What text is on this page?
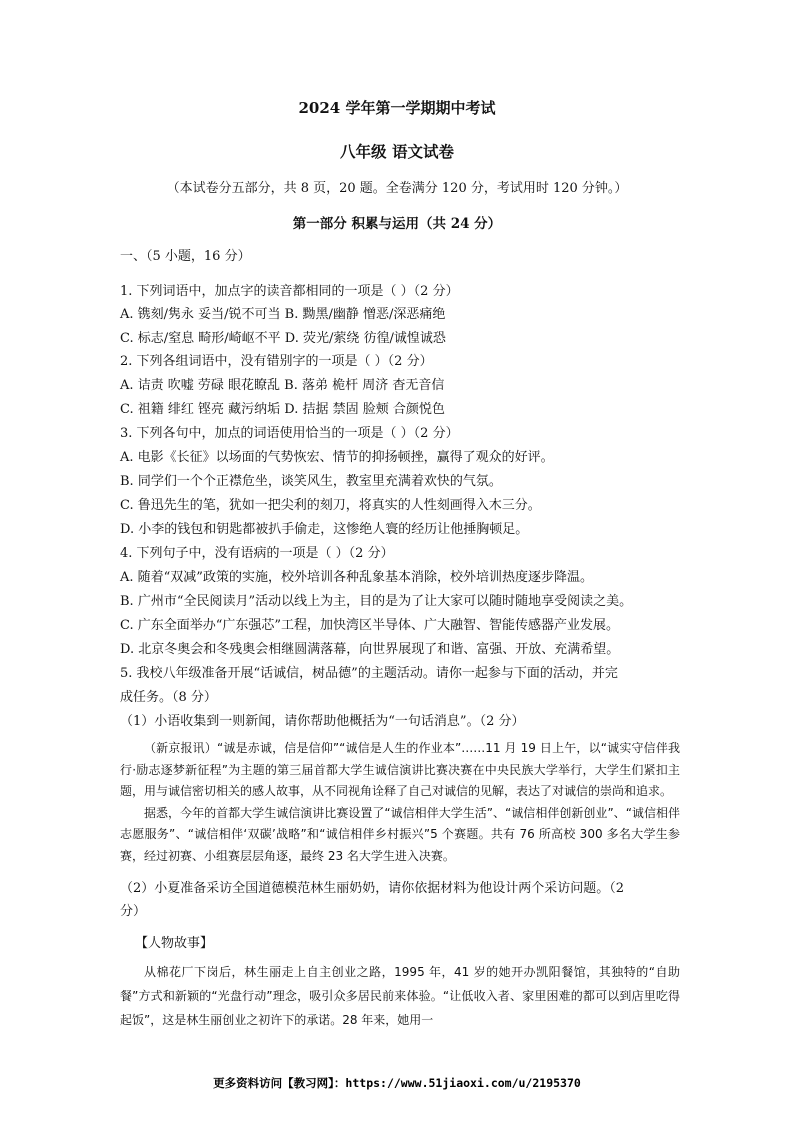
2024 学年第一学期期中考试
八年级 语文试卷
（本试卷分五部分，共 8 页，20 题。全卷满分 120 分，考试用时 120 分钟。）
第一部分 积累与运用（共 24 分）
一、（5 小题，16 分）
1. 下列词语中，加点字的读音都相同的一项是（ ）（2 分）
A. 镌刻/隽永 妥当/锐不可当 B. 黝黑/幽静 憎恶/深恶痛绝
C. 标志/窒息 畸形/崎岖不平 D. 荧光/萦绕 彷徨/诚惶诚恐
2. 下列各组词语中，没有错别字的一项是（ ）（2 分）
A. 诘责 吹嘘 劳碌 眼花瞭乱 B. 落弟 桅杆 周济 杳无音信
C. 祖籍 绯红 铿亮 藏污纳垢 D. 拮据 禁固 脸颊 合颜悦色
3. 下列各句中，加点的词语使用恰当的一项是（ ）（2 分）
A. 电影《长征》以场面的气势恢宏、情节的抑扬顿挫，赢得了观众的好评。
B. 同学们一个个正襟危坐，谈笑风生，教室里充满着欢快的气氛。
C. 鲁迅先生的笔，犹如一把尖利的刻刀，将真实的人性刻画得入木三分。
D. 小李的钱包和钥匙都被扒手偷走，这惨绝人寰的经历让他捶胸顿足。
4. 下列句子中，没有语病的一项是（ ）（2 分）
A. 随着“双减”政策的实施，校外培训各种乱象基本消除，校外培训热度逐步降温。
B. 广州市“全民阅读月”活动以线上为主，目的是为了让大家可以随时随地享受阅读之美。
C. 广东全面举办“广东强芯”工程，加快湾区半导体、广大融智、智能传感器产业发展。
D. 北京冬奥会和冬残奥会相继圆满落幕，向世界展现了和谐、富强、开放、充满希望。
5. 我校八年级准备开展“话诚信，树品德”的主题活动。请你一起参与下面的活动，并完
成任务。（8 分）
（1）小语收集到一则新闻，请你帮助他概括为“一句话消息”。（2 分）
（新京报讯）“诚是赤诚，信是信仰”“诚信是人生的作业本”……11 月 19 日上午，以“诚实守信伴我行·励志逐梦新征程”为主题的第三届首都大学生诚信演讲比赛决赛在中央民族大学举行，大学生们紧扣主题，用与诚信密切相关的感人故事，从不同视角诠释了自己对诚信的见解，表达了对诚信的崇尚和追求。
据悉，今年的首都大学生诚信演讲比赛设置了“诚信相伴大学生活”、“诚信相伴创新创业”、“诚信相伴志愿服务”、“诚信相伴‘双碳’战略”和“诚信相伴乡村振兴”5 个赛题。共有 76 所高校 300 多名大学生参赛，经过初赛、小组赛层层角逐，最终 23 名大学生进入决赛。
（2）小夏准备采访全国道德模范林生丽奶奶，请你依据材料为他设计两个采访问题。（2
分）
【人物故事】
从棉花厂下岗后，林生丽走上自主创业之路，1995 年，41 岁的她开办凯阳餐馆，其独特的“自助餐”方式和新颖的“光盘行动”理念，吸引众多居民前来体验。“让低收入者、家里困难的都可以到店里吃得起饭”，这是林生丽创业之初许下的承诺。28 年来，她用一
更多资料访问【教习网】：https://www.51jiaoxi.com/u/2195370
